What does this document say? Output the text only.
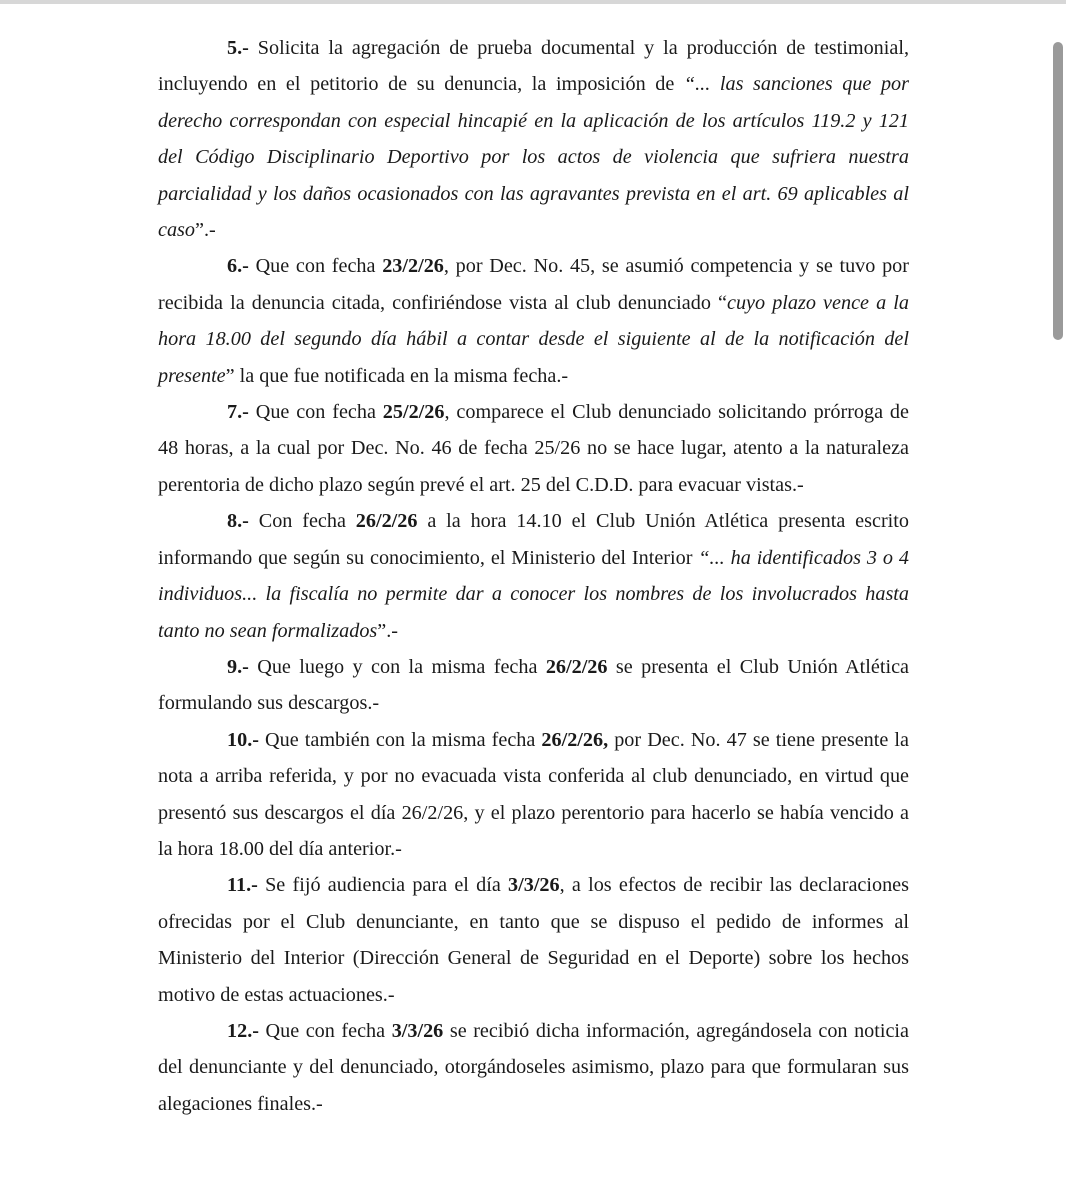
5.- Solicita la agregación de prueba documental y la producción de testimonial, incluyendo en el petitorio de su denuncia, la imposición de “... las sanciones que por derecho correspondan con especial hincapié en la aplicación de los artículos 119.2 y 121 del Código Disciplinario Deportivo por los actos de violencia que sufriera nuestra parcialidad y los daños ocasionados con las agravantes prevista en el art. 69 aplicables al caso”.-

6.- Que con fecha 23/2/26, por Dec. No. 45, se asumió competencia y se tuvo por recibida la denuncia citada, confiriéndose vista al club denunciado “cuyo plazo vence a la hora 18.00 del segundo día hábil a contar desde el siguiente al de la notificación del presente” la que fue notificada en la misma fecha.-

7.- Que con fecha 25/2/26, comparece el Club denunciado solicitando prórroga de 48 horas, a la cual por Dec. No. 46 de fecha 25/26 no se hace lugar, atento a la naturaleza perentoria de dicho plazo según prevé el art. 25 del C.D.D. para evacuar vistas.-

8.- Con fecha 26/2/26 a la hora 14.10 el Club Unión Atlética presenta escrito informando que según su conocimiento, el Ministerio del Interior “... ha identificados 3 o 4 individuos... la fiscalía no permite dar a conocer los nombres de los involucrados hasta tanto no sean formalizados”.-

9.- Que luego y con la misma fecha 26/2/26 se presenta el Club Unión Atlética formulando sus descargos.-

10.- Que también con la misma fecha 26/2/26, por Dec. No. 47 se tiene presente la nota a arriba referida, y por no evacuada vista conferida al club denunciado, en virtud que presentó sus descargos el día 26/2/26, y el plazo perentorio para hacerlo se había vencido a la hora 18.00 del día anterior.-

11.- Se fijó audiencia para el día 3/3/26, a los efectos de recibir las declaraciones ofrecidas por el Club denunciante, en tanto que se dispuso el pedido de informes al Ministerio del Interior (Dirección General de Seguridad en el Deporte) sobre los hechos motivo de estas actuaciones.-

12.- Que con fecha 3/3/26 se recibió dicha información, agregándosela con noticia del denunciante y del denunciado, otorgándoseles asimismo, plazo para que formularan sus alegaciones finales.-
